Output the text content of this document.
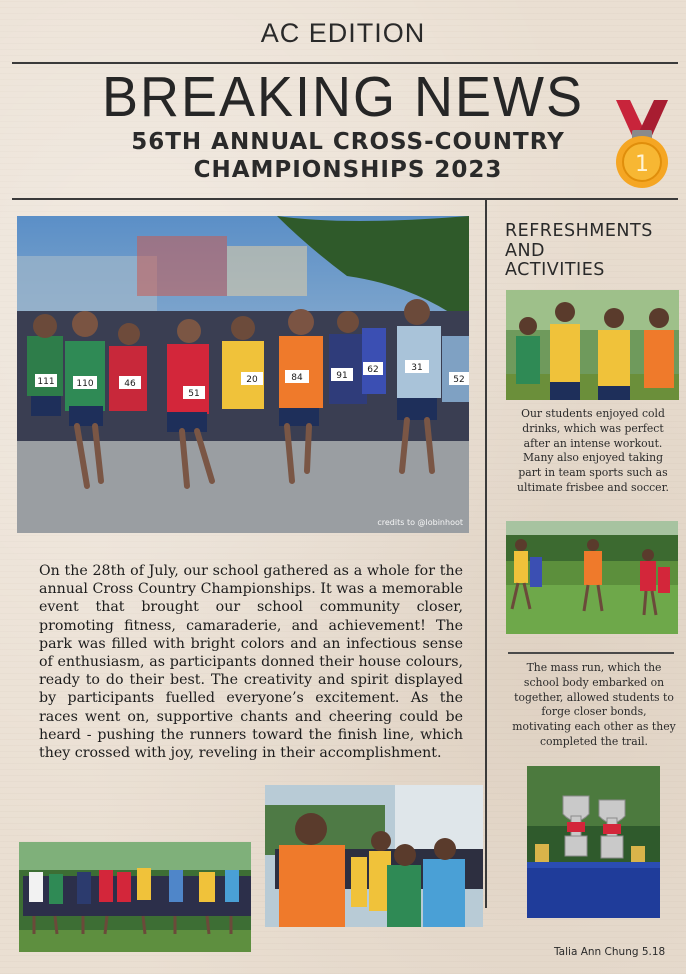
AC EDITION
BREAKING NEWS
56TH ANNUAL CROSS-COUNTRY
CHAMPIONSHIPS 2023	1
111 110	46
51
20	84	91
62	31
52
credits to @lobinhoot
On the 28th of July, our school gathered as a whole for the annual Cross Country Championships. It was a memorable event that brought our school community closer, promoting fitness, camaraderie, and achievement! The park was filled with bright colors and an infectious sense of enthusiasm, as participants donned their house colours, ready to do their best. The creativity and spirit displayed by participants fuelled everyone’s excitement. As the races went on, supportive chants and cheering could be heard - pushing the runners toward the finish line, which they crossed with joy, reveling in their accomplishment.
REFRESHMENTS
AND
ACTIVITIES
Our students enjoyed cold drinks, which was perfect after an intense workout. Many also enjoyed taking part in team sports such as ultimate frisbee and soccer.
The mass run, which the school body embarked on together, allowed students to forge closer bonds, motivating each other as they completed the trail.
Talia Ann Chung 5.18
